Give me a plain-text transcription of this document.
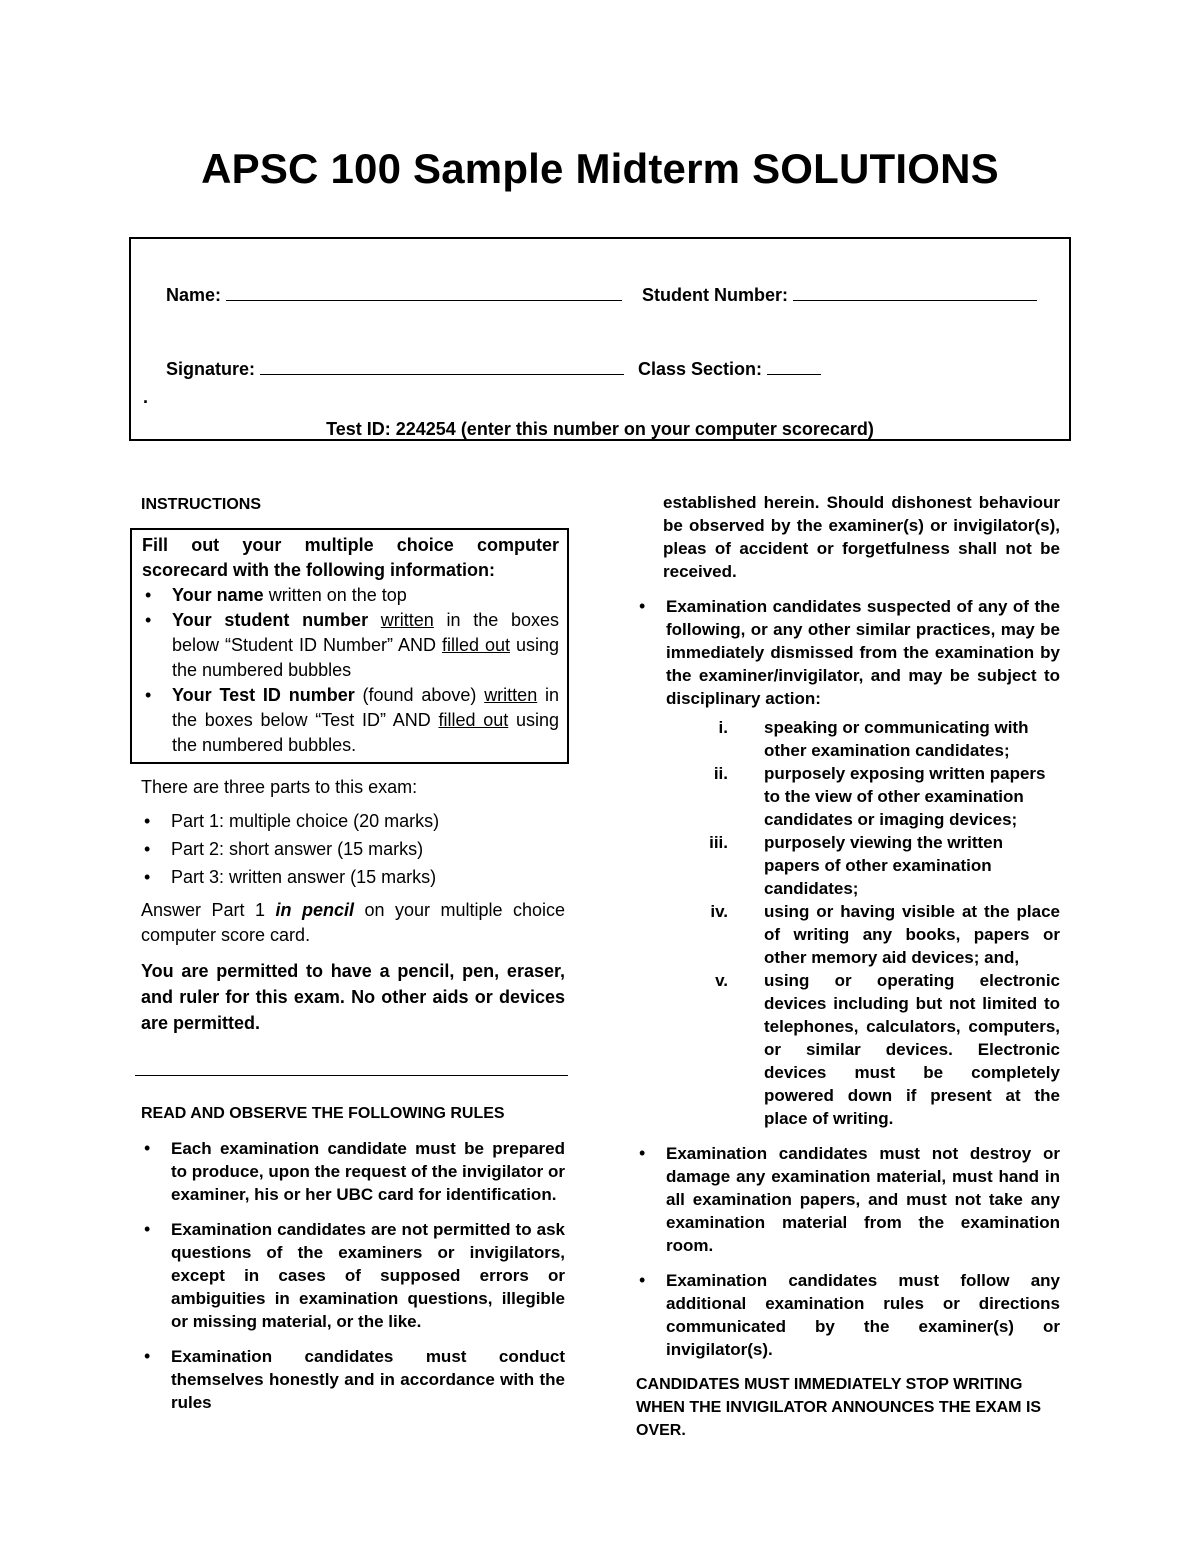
APSC 100 Sample Midterm SOLUTIONS
Name:	Student Number:
Signature:	Class Section:
.
Test ID: 224254 (enter this number on your computer scorecard)
INSTRUCTIONS

Fill out your multiple choice computer scorecard with the following information:

• Your name written on the top
• Your student number written in the boxes below “Student ID Number” AND filled out using the numbered bubbles
• Your Test ID number (found above) written in the boxes below “Test ID” AND filled out using the numbered bubbles.

There are three parts to this exam:

• Part 1: multiple choice (20 marks)
• Part 2: short answer (15 marks)
• Part 3: written answer (15 marks)

Answer Part 1 in pencil on your multiple choice computer score card.

You are permitted to have a pencil, pen, eraser, and ruler for this exam. No other aids or devices are permitted.

READ AND OBSERVE THE FOLLOWING RULES
• Each examination candidate must be prepared to produce, upon the request of the invigilator or examiner, his or her UBC card for identification.
• Examination candidates are not permitted to ask questions of the examiners or invigilators, except in cases of supposed errors or ambiguities in examination questions, illegible or missing material, or the like.
• Examination candidates must conduct themselves honestly and in accordance with the rules

established herein. Should dishonest behaviour be observed by the examiner(s) or invigilator(s), pleas of accident or forgetfulness shall not be received.

• Examination candidates suspected of any of the following, or any other similar practices, may be immediately dismissed from the examination by the examiner/invigilator, and may be subject to disciplinary action:

i. speaking or communicating with other examination candidates;
ii. purposely exposing written papers to the view of other examination candidates or imaging devices;
iii. purposely viewing the written papers of other examination candidates;
iv. using or having visible at the place of writing any books, papers or other memory aid devices; and,
v. using or operating electronic devices including but not limited to telephones, calculators, computers, or similar devices. Electronic devices must be completely powered down if present at the place of writing.
• Examination candidates must not destroy or damage any examination material, must hand in all examination papers, and must not take any examination material from the examination room.
• Examination candidates must follow any additional examination rules or directions communicated by the examiner(s) or invigilator(s).

CANDIDATES MUST IMMEDIATELY STOP WRITING WHEN THE INVIGILATOR ANNOUNCES THE EXAM IS OVER.
